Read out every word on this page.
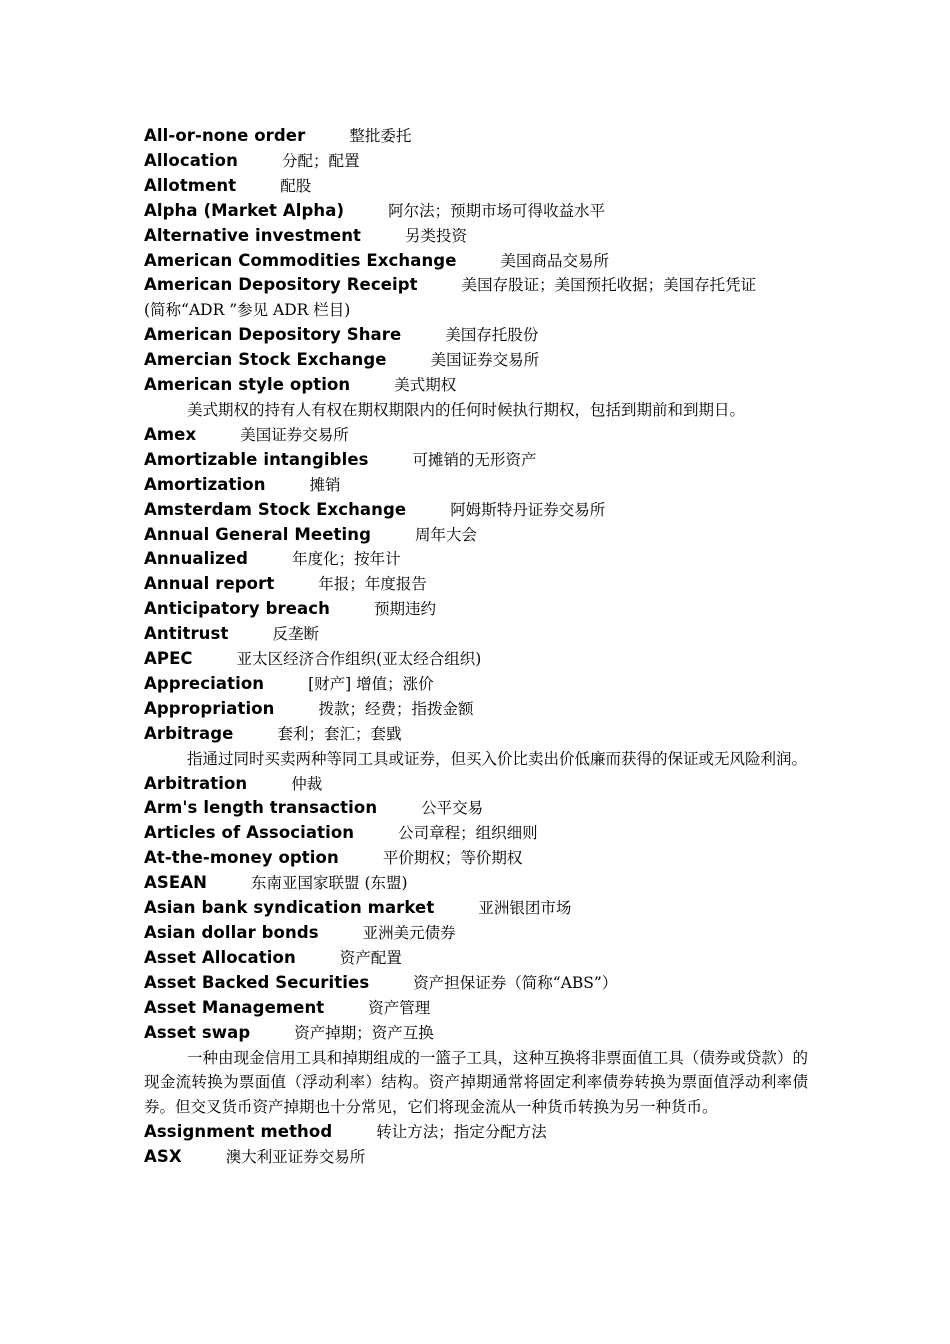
All-or-none order	整批委托
Allocation	分配；配置
Allotment	配股
Alpha (Market Alpha)	阿尔法；预期市场可得收益水平
Alternative investment	另类投资
American Commodities Exchange	美国商品交易所
American Depository Receipt	美国存股证；美国预托收据；美国存托凭证
(简称“ADR ”参见 ADR 栏目)
American Depository Share	美国存托股份
Amercian Stock Exchange	美国证券交易所
American style option	美式期权

美式期权的持有人有权在期权期限内的任何时候执行期权，包括到期前和到期日。

Amex	美国证券交易所
Amortizable intangibles	可摊销的无形资产
Amortization	摊销
Amsterdam Stock Exchange	阿姆斯特丹证券交易所
Annual General Meeting	周年大会
Annualized	年度化；按年计
Annual report	年报；年度报告
Anticipatory breach	预期违约
Antitrust	反垄断
APEC	亚太区经济合作组织(亚太经合组织)
Appreciation	[财产] 增值；涨价
Appropriation	拨款；经费；指拨金额
Arbitrage	套利；套汇；套戥

指通过同时买卖两种等同工具或证券，但买入价比卖出价低廉而获得的保证或无风险利润。

Arbitration	仲裁
Arm's length transaction	公平交易
Articles of Association	公司章程；组织细则
At-the-money option	平价期权；等价期权
ASEAN	东南亚国家联盟 (东盟)
Asian bank syndication market	亚洲银团市场
Asian dollar bonds	亚洲美元债券
Asset Allocation	资产配置
Asset Backed Securities	资产担保证券（简称“ABS”）
Asset Management	资产管理
Asset swap	资产掉期；资产互换

一种由现金信用工具和掉期组成的一篮子工具，这种互换将非票面值工具（债券或贷款）的现金流转换为票面值（浮动利率）结构。资产掉期通常将固定利率债券转换为票面值浮动利率债券。但交叉货币资产掉期也十分常见，它们将现金流从一种货币转换为另一种货币。

Assignment method	转让方法；指定分配方法
ASX	澳大利亚证券交易所
